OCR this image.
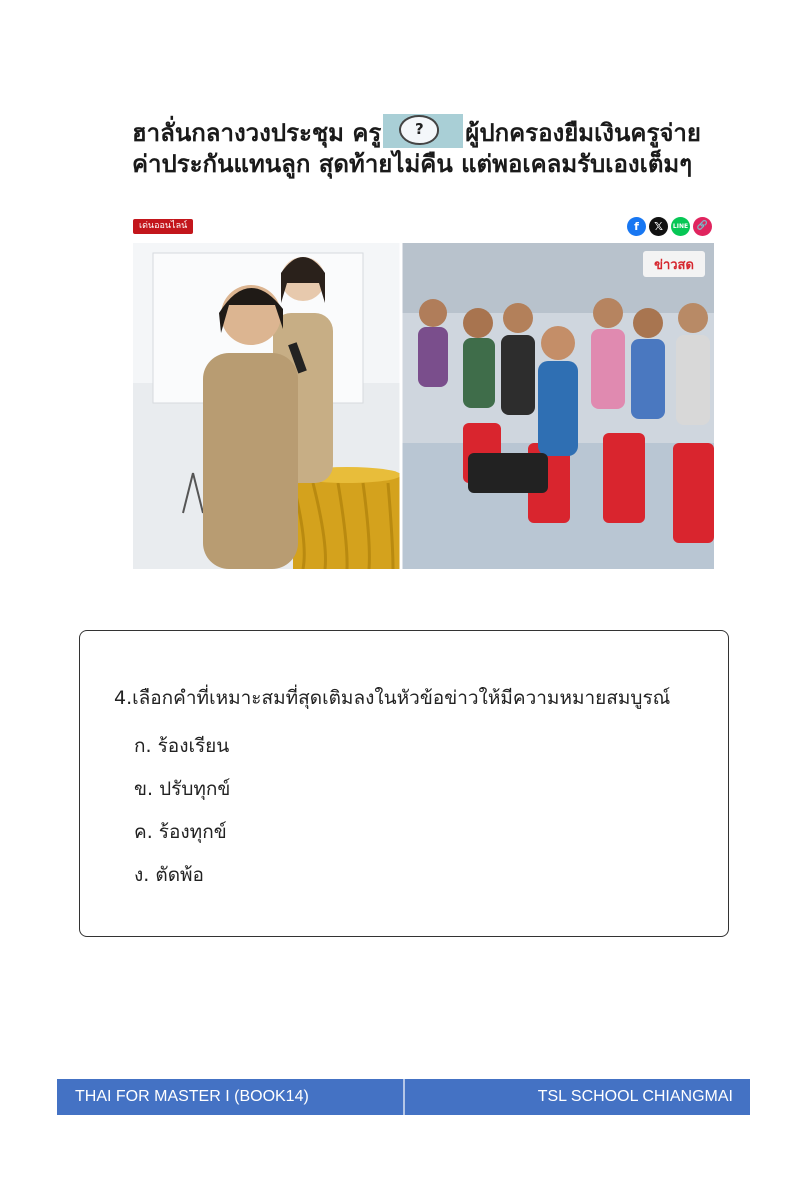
ฮาลั่นกลางวงประชุม ครู	?	ผู้ปกครองยืมเงินครูจ่ายค่าประกันแทนลูก สุดท้ายไม่คืน แต่พอเคลมรับเองเต็มๆ
เด่นออนไลน์	f	𝕏	LINE 🔗
ข่าวสด
4.เลือกคำที่เหมาะสมที่สุดเติมลงในหัวข้อข่าวให้มีความหมายสมบูรณ์
ก. ร้องเรียน
ข. ปรับทุกข์
ค. ร้องทุกข์
ง. ตัดพ้อ
THAI FOR MASTER I (BOOK14)	TSL SCHOOL CHIANGMAI
